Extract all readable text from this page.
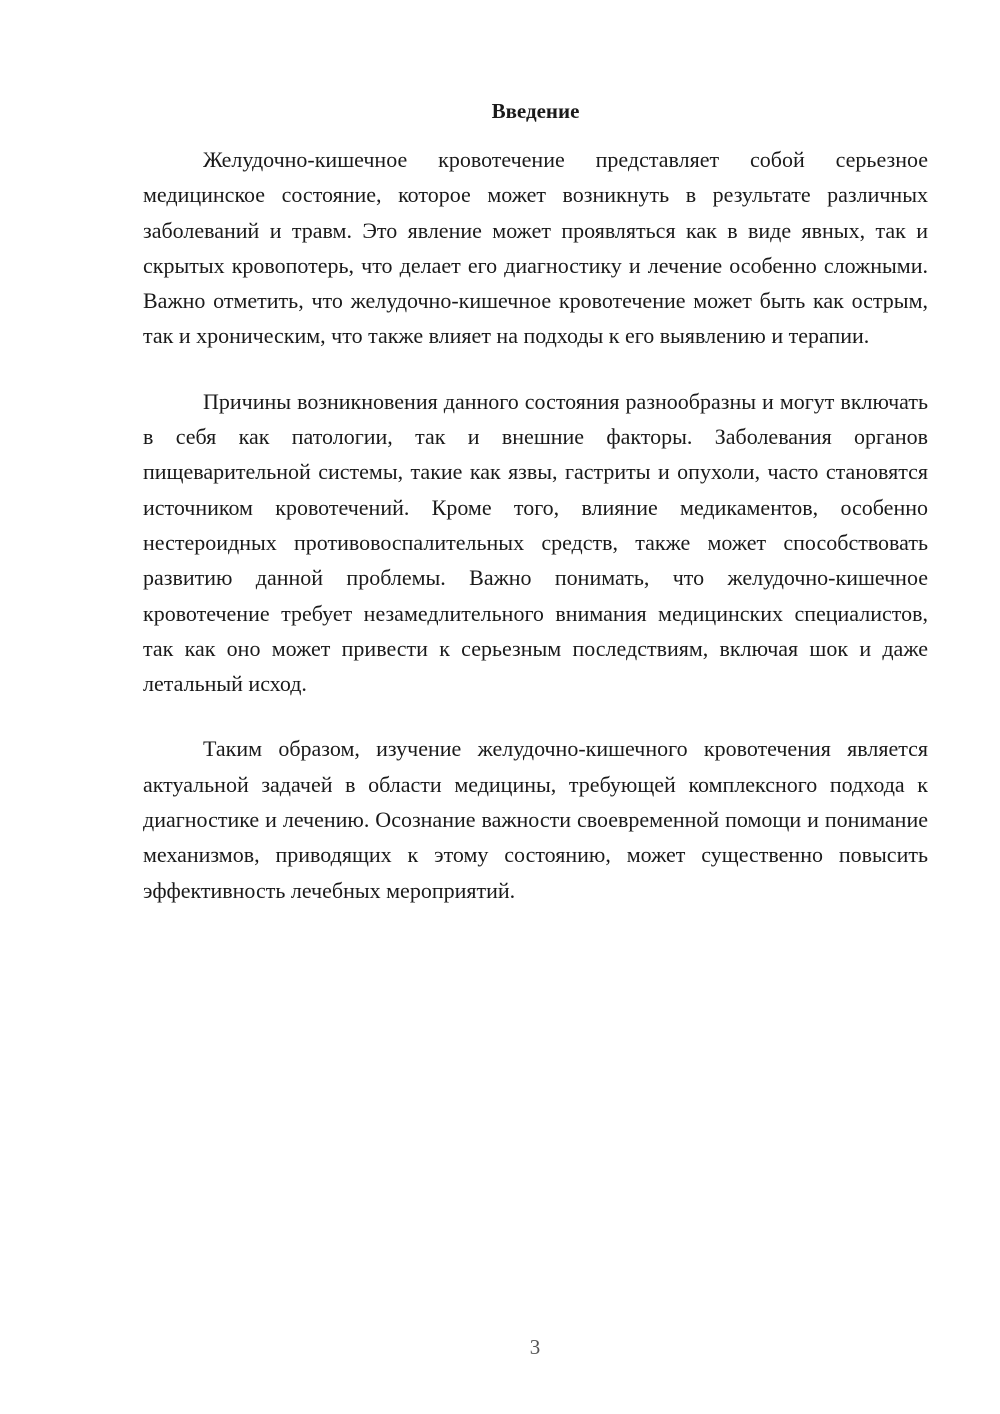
Введение

Желудочно-кишечное кровотечение представляет собой серьезное медицинское состояние, которое может возникнуть в результате различных заболеваний и травм. Это явление может проявляться как в виде явных, так и скрытых кровопотерь, что делает его диагностику и лечение особенно сложными. Важно отметить, что желудочно-кишечное кровотечение может быть как острым, так и хроническим, что также влияет на подходы к его выявлению и терапии.

Причины возникновения данного состояния разнообразны и могут включать в себя как патологии, так и внешние факторы. Заболевания органов пищеварительной системы, такие как язвы, гастриты и опухоли, часто становятся источником кровотечений. Кроме того, влияние медикаментов, особенно нестероидных противовоспалительных средств, также может способствовать развитию данной проблемы. Важно понимать, что желудочно-кишечное кровотечение требует незамедлительного внимания медицинских специалистов, так как оно может привести к серьезным последствиям, включая шок и даже летальный исход.

Таким образом, изучение желудочно-кишечного кровотечения является актуальной задачей в области медицины, требующей комплексного подхода к диагностике и лечению. Осознание важности своевременной помощи и понимание механизмов, приводящих к этому состоянию, может существенно повысить эффективность лечебных мероприятий.

3
